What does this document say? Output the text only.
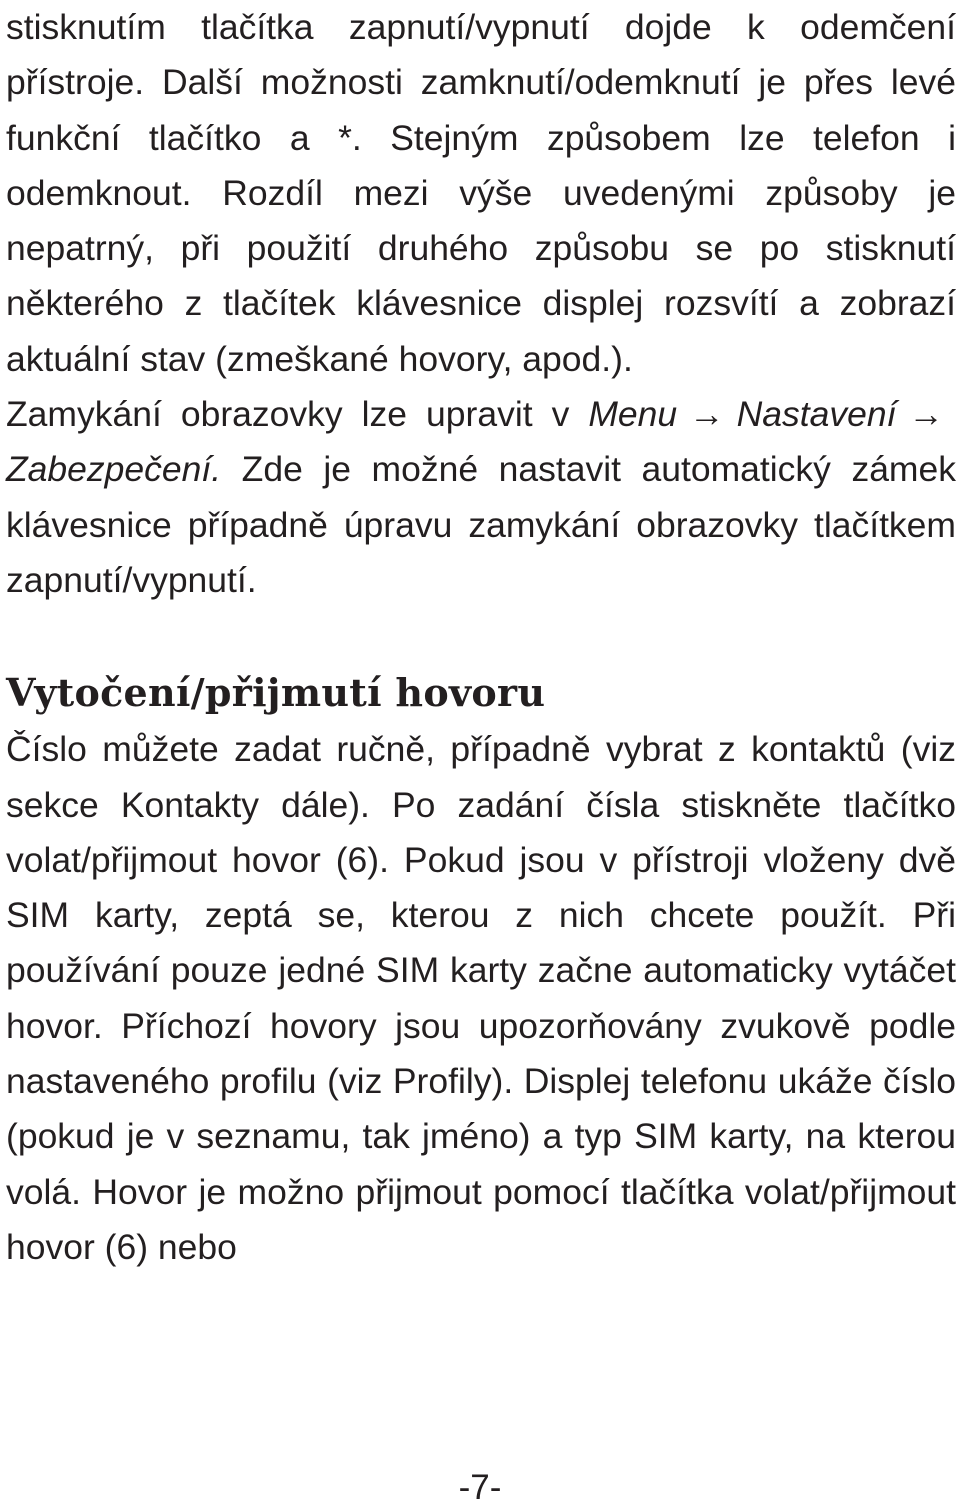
stisknutím tlačítka zapnutí/vypnutí dojde k odemčení přístroje. Další možnosti zamknutí/odemknutí je přes levé funkční tlačítko a *. Stejným způsobem lze telefon i odemknout. Rozdíl mezi výše uvedenými způsoby je nepatrný, při použití druhého způsobu se po stisknutí některého z tlačítek klávesnice displej rozsvítí a zobrazí aktuální stav (zmeškané hovory, apod.).

Zamykání obrazovky lze upravit v Menu → Nastavení →Zabezpečení. Zde je možné nastavit automatický zámek klávesnice případně úpravu zamykání obrazovky tlačítkem zapnutí/vypnutí.

Vytočení/přijmutí hovoru

Číslo můžete zadat ručně, případně vybrat z kontaktů (viz sekce Kontakty dále). Po zadání čísla stiskněte tlačítko volat/přijmout hovor (6). Pokud jsou v přístroji vloženy dvě SIM karty, zeptá se, kterou z nich chcete použít. Při používání pouze jedné SIM karty začne automaticky vytáčet hovor. Příchozí hovory jsou upozorňovány zvukově podle nastaveného profilu (viz Profily). Displej telefonu ukáže číslo (pokud je v seznamu, tak jméno) a typ SIM karty, na kterou volá. Hovor je možno přijmout pomocí tlačítka volat/přijmout hovor (6) nebo

-7-
